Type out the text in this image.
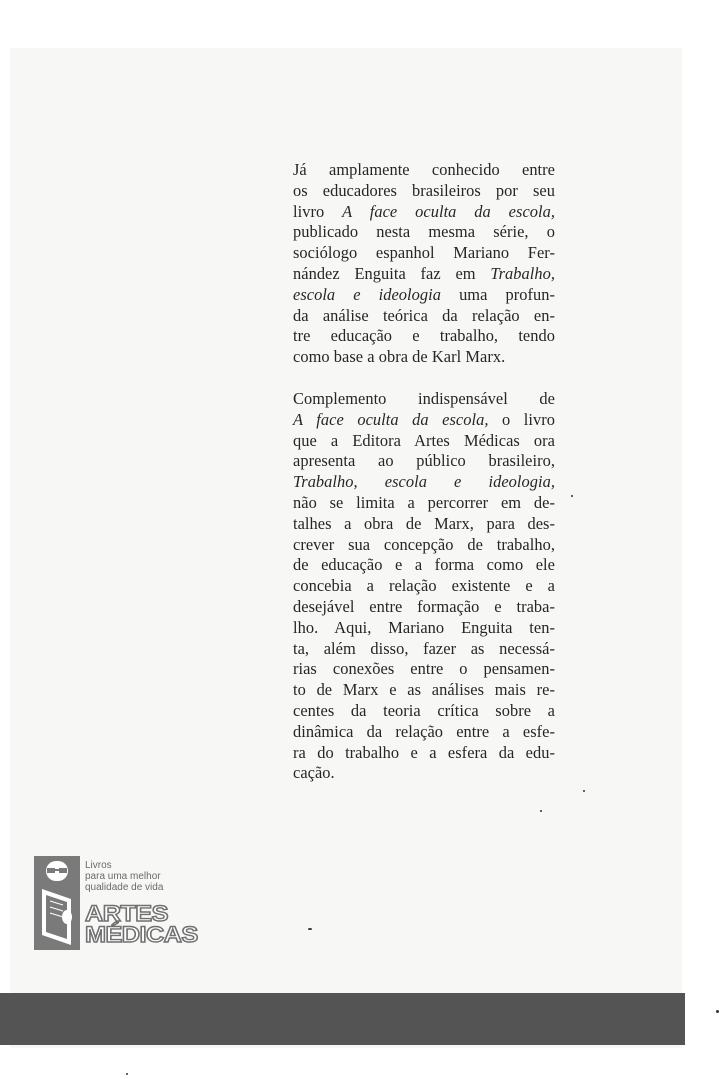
Já amplamente conhecido entre
os educadores brasileiros por seu
livro A face oculta da escola,
publicado nesta mesma série, o
sociólogo espanhol Mariano Fer-
nández Enguita faz em Trabalho,
escola e ideologia uma profun-
da análise teórica da relação en-
tre educação e trabalho, tendo
como base a obra de Karl Marx.

Complemento indispensável de
A face oculta da escola, o livro
que a Editora Artes Médicas ora
apresenta ao público brasileiro,
Trabalho, escola e ideologia,
não se limita a percorrer em de-
talhes a obra de Marx, para des-
crever sua concepção de trabalho,
de educação e a forma como ele
concebia a relação existente e a
desejável entre formação e traba-
lho. Aqui, Mariano Enguita ten-
ta, além disso, fazer as necessá-
rias conexões entre o pensamen-
to de Marx e as análises mais re-
centes da teoria crítica sobre a
dinâmica da relação entre a esfe-
ra do trabalho e a esfera da edu-
cação.

Livros
para uma melhor
qualidade de vida
ARTES
MÉDICAS
